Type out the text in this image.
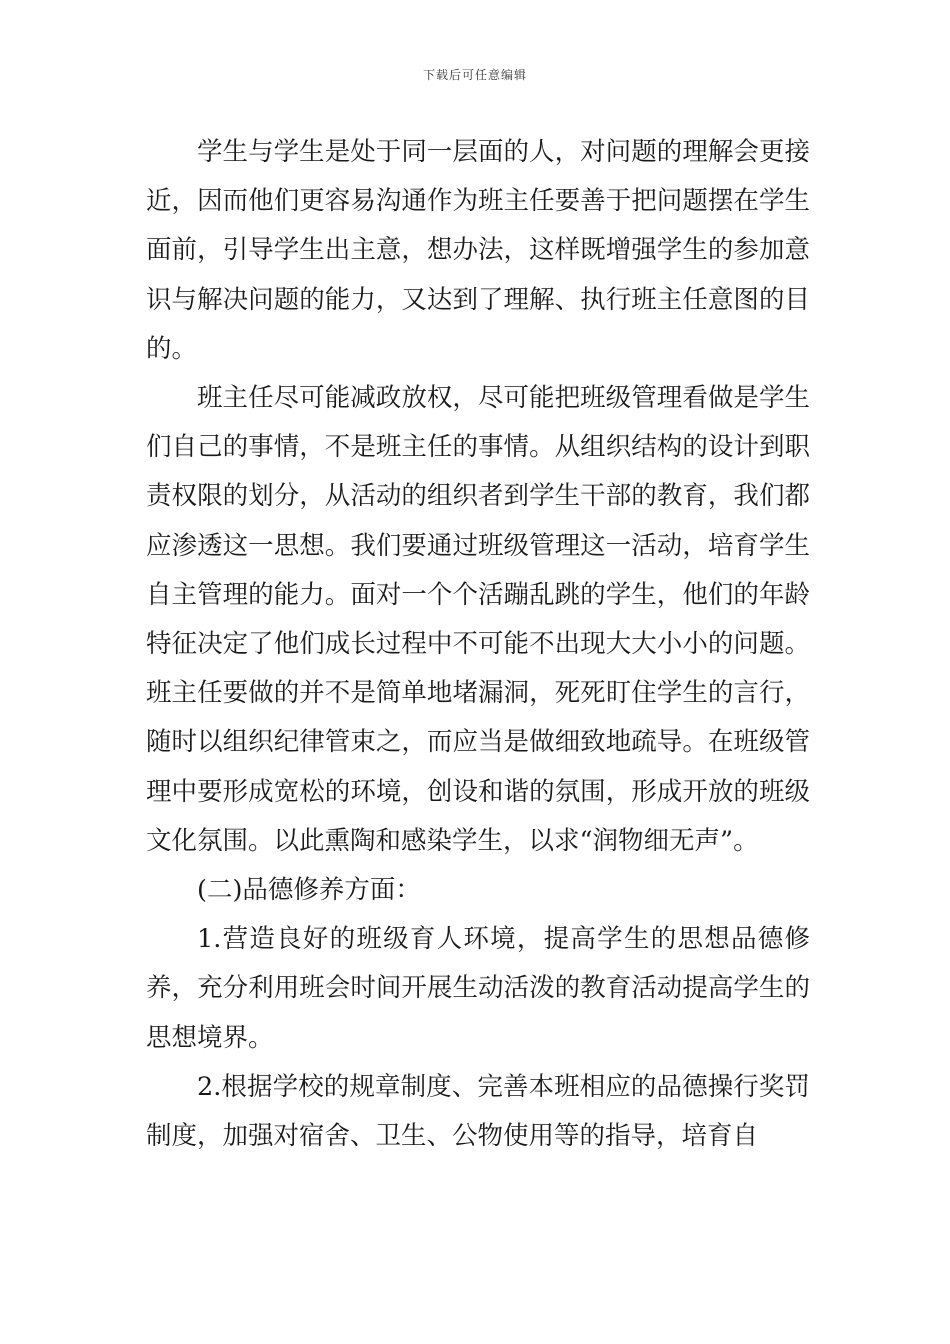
下载后可任意编辑

学生与学生是处于同一层面的人，对问题的理解会更接近，因而他们更容易沟通作为班主任要善于把问题摆在学生面前，引导学生出主意，想办法，这样既增强学生的参加意识与解决问题的能力，又达到了理解、执行班主任意图的目的。

班主任尽可能减政放权，尽可能把班级管理看做是学生们自己的事情，不是班主任的事情。从组织结构的设计到职责权限的划分，从活动的组织者到学生干部的教育，我们都应渗透这一思想。我们要通过班级管理这一活动，培育学生自主管理的能力。面对一个个活蹦乱跳的学生，他们的年龄特征决定了他们成长过程中不可能不出现大大小小的问题。班主任要做的并不是简单地堵漏洞，死死盯住学生的言行，随时以组织纪律管束之，而应当是做细致地疏导。在班级管理中要形成宽松的环境，创设和谐的氛围，形成开放的班级文化氛围。以此熏陶和感染学生，以求“润物细无声”。

(二)品德修养方面：

1.营造良好的班级育人环境，提高学生的思想品德修养，充分利用班会时间开展生动活泼的教育活动提高学生的思想境界。

2.根据学校的规章制度、完善本班相应的品德操行奖罚制度，加强对宿舍、卫生、公物使用等的指导，培育自
